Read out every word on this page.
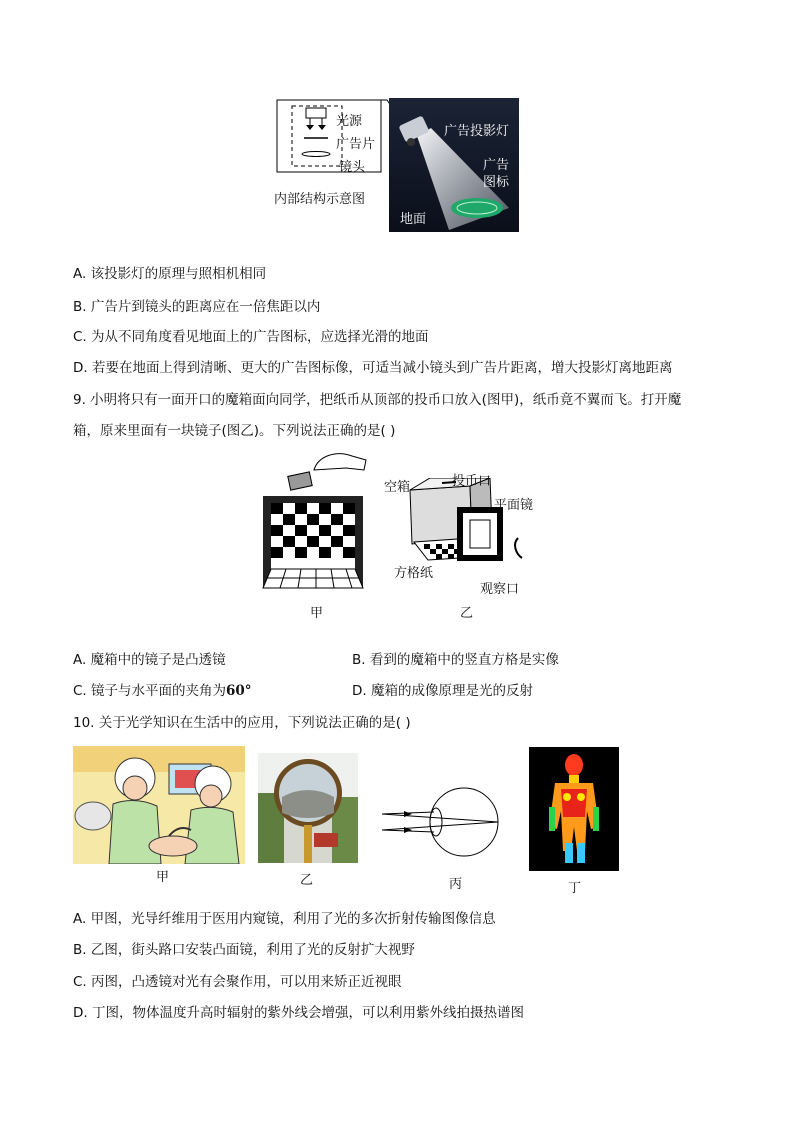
光源
广告片
镜头
内部结构示意图
广告投影灯
广告
图标
地面
A. 该投影灯的原理与照相机相同
B. 广告片到镜头的距离应在一倍焦距以内
C. 为从不同角度看见地面上的广告图标，应选择光滑的地面
D. 若要在地面上得到清晰、更大的广告图标像，可适当减小镜头到广告片距离，增大投影灯离地距离
9. 小明将只有一面开口的魔箱面向同学，把纸币从顶部的投币口放入(图甲)，纸币竟不翼而飞。打开魔
箱，原来里面有一块镜子(图乙)。下列说法正确的是( )
甲
空箱	投币口
平面镜
方格纸
观察口
乙
A. 魔箱中的镜子是凸透镜	B. 看到的魔箱中的竖直方格是实像
C. 镜子与水平面的夹角为60°	D. 魔箱的成像原理是光的反射
10. 关于光学知识在生活中的应用，下列说法正确的是( )
甲	乙	丙	丁
A. 甲图，光导纤维用于医用内窥镜，利用了光的多次折射传输图像信息
B. 乙图，街头路口安装凸面镜，利用了光的反射扩大视野
C. 丙图，凸透镜对光有会聚作用，可以用来矫正近视眼
D. 丁图，物体温度升高时辐射的紫外线会增强，可以利用紫外线拍摄热谱图
